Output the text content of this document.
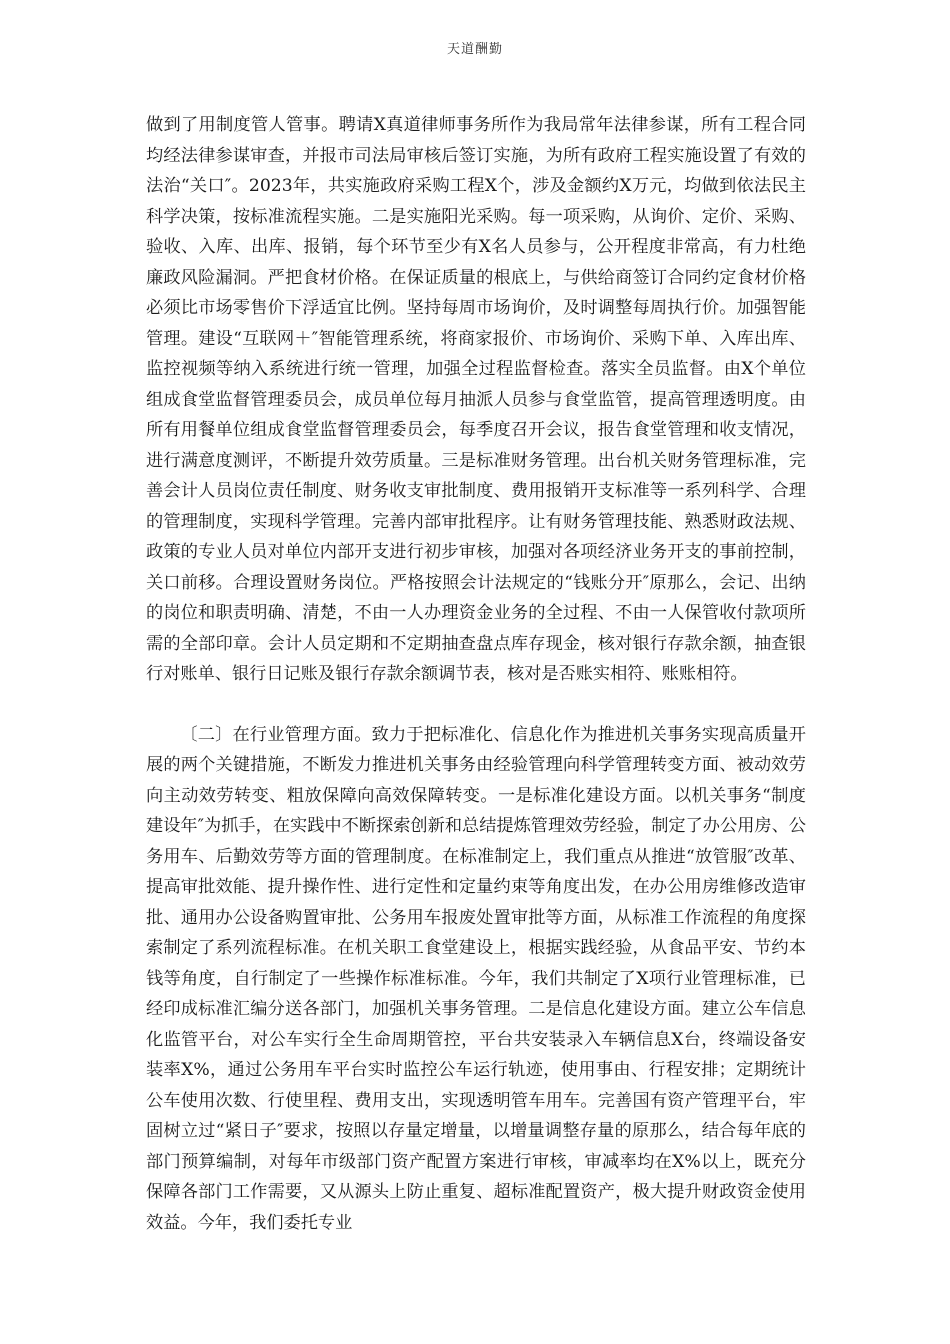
天道酬勤

做到了用制度管人管事。聘请X真道律师事务所作为我局常年法律参谋，所有工程合同均经法律参谋审查，并报市司法局审核后签订实施，为所有政府工程实施设置了有效的法治“关口″。2023年，共实施政府采购工程X个，涉及金额约X万元，均做到依法民主科学决策，按标准流程实施。二是实施阳光采购。每一项采购，从询价、定价、采购、验收、入库、出库、报销，每个环节至少有X名人员参与，公开程度非常高，有力杜绝廉政风险漏洞。严把食材价格。在保证质量的根底上，与供给商签订合同约定食材价格必须比市场零售价下浮适宜比例。坚持每周市场询价，及时调整每周执行价。加强智能管理。建设“互联网＋″智能管理系统，将商家报价、市场询价、采购下单、入库出库、监控视频等纳入系统进行统一管理，加强全过程监督检查。落实全员监督。由X个单位组成食堂监督管理委员会，成员单位每月抽派人员参与食堂监管，提高管理透明度。由所有用餐单位组成食堂监督管理委员会，每季度召开会议，报告食堂管理和收支情况，进行满意度测评，不断提升效劳质量。三是标准财务管理。出台机关财务管理标准，完善会计人员岗位责任制度、财务收支审批制度、费用报销开支标准等一系列科学、合理的管理制度，实现科学管理。完善内部审批程序。让有财务管理技能、熟悉财政法规、政策的专业人员对单位内部开支进行初步审核，加强对各项经济业务开支的事前控制，关口前移。合理设置财务岗位。严格按照会计法规定的“钱账分开″原那么，会记、出纳的岗位和职责明确、清楚，不由一人办理资金业务的全过程、不由一人保管收付款项所需的全部印章。会计人员定期和不定期抽查盘点库存现金，核对银行存款余额，抽查银行对账单、银行日记账及银行存款余额调节表，核对是否账实相符、账账相符。

〔二〕在行业管理方面。致力于把标准化、信息化作为推进机关事务实现高质量开展的两个关键措施，不断发力推进机关事务由经验管理向科学管理转变方面、被动效劳向主动效劳转变、粗放保障向高效保障转变。一是标准化建设方面。以机关事务“制度建设年″为抓手，在实践中不断探索创新和总结提炼管理效劳经验，制定了办公用房、公务用车、后勤效劳等方面的管理制度。在标准制定上，我们重点从推进“放管服″改革、提高审批效能、提升操作性、进行定性和定量约束等角度出发，在办公用房维修改造审批、通用办公设备购置审批、公务用车报废处置审批等方面，从标准工作流程的角度探索制定了系列流程标准。在机关职工食堂建设上，根据实践经验，从食品平安、节约本钱等角度，自行制定了一些操作标准标准。今年，我们共制定了X项行业管理标准，已经印成标准汇编分送各部门，加强机关事务管理。二是信息化建设方面。建立公车信息化监管平台，对公车实行全生命周期管控，平台共安装录入车辆信息X台，终端设备安装率X%，通过公务用车平台实时监控公车运行轨迹，使用事由、行程安排；定期统计公车使用次数、行使里程、费用支出，实现透明管车用车。完善国有资产管理平台，牢固树立过“紧日子″要求，按照以存量定增量，以增量调整存量的原那么，结合每年底的部门预算编制，对每年市级部门资产配置方案进行审核，审减率均在X%以上，既充分保障各部门工作需要，又从源头上防止重复、超标准配置资产，极大提升财政资金使用效益。今年，我们委托专业
